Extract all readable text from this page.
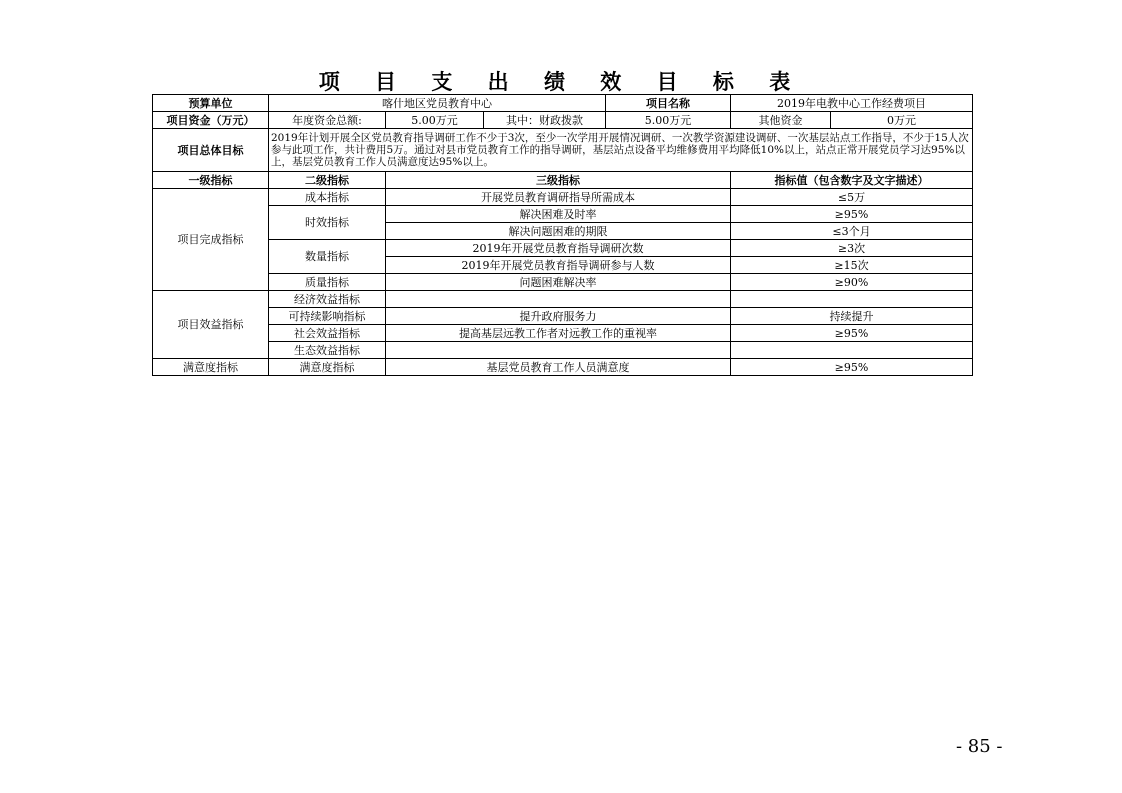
项 目 支 出 绩 效 目 标 表
预算单位	喀什地区党员教育中心			项目名称	2019年电教中心工作经费项目	
项目资金（万元）	年度资金总额:	5.00万元	其中：财政拨款	5.00万元	其他资金	0万元
项目总体目标	2019年计划开展全区党员教育指导调研工作不少于3次，至少一次学用开展情况调研、一次教学资源建设调研、一次基层站点工作指导，不少于15人次参与此项工作，共计费用5万。通过对县市党员教育工作的指导调研，基层站点设备平均维修费用平均降低10%以上，站点正常开展党员学习达95%以上，基层党员教育工作人员满意度达95%以上。					
一级指标	二级指标	三级指标			指标值（包含数字及文字描述）	
项目完成指标	成本指标	开展党员教育调研指导所需成本			≤5万	
	时效指标	解决困难及时率			≥95%	
		解决问题困难的期限			≤3个月	
	数量指标	2019年开展党员教育指导调研次数			≥3次	
		2019年开展党员教育指导调研参与人数			≥15次	
	质量指标	问题困难解决率			≥90%	
项目效益指标	经济效益指标					
	可持续影响指标	提升政府服务力			持续提升	
	社会效益指标	提高基层远教工作者对远教工作的重视率			≥95%	
	生态效益指标					
满意度指标	满意度指标	基层党员教育工作人员满意度			≥95%	
- 85 -
